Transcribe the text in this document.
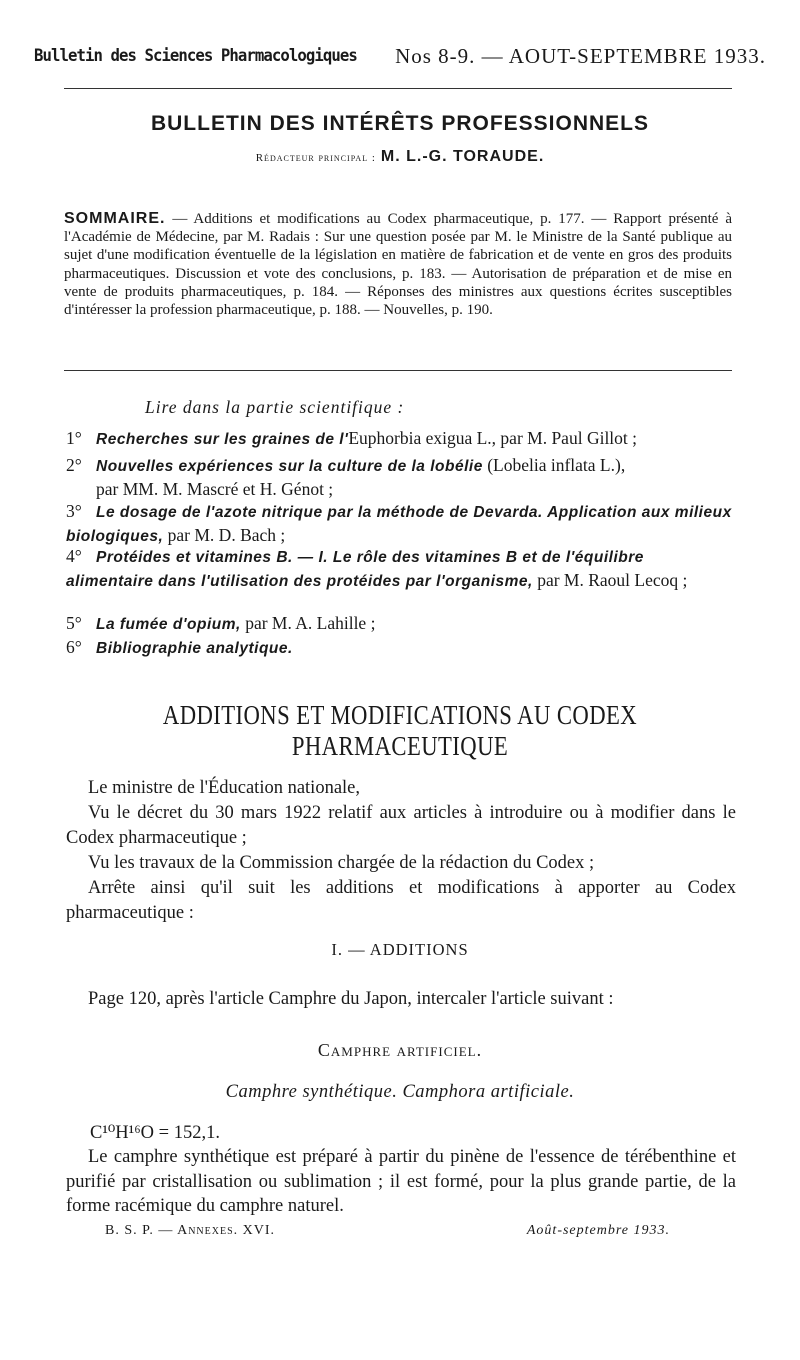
Bulletin des Sciences Pharmacologiques Nos 8-9. — AOUT-SEPTEMBRE 1933.
BULLETIN DES INTÉRÊTS PROFESSIONNELS
Rédacteur principal : M. L.-G. TORAUDE.
SOMMAIRE. — Additions et modifications au Codex pharmaceutique, p. 177. — Rapport présenté à l'Académie de Médecine, par M. Radais : Sur une question posée par M. le Ministre de la Santé publique au sujet d'une modification éventuelle de la législation en matière de fabrication et de vente en gros des produits pharmaceutiques. Discussion et vote des conclusions, p. 183. — Autorisation de préparation et de mise en vente de produits pharmaceutiques, p. 184. — Réponses des ministres aux questions écrites susceptibles d'intéresser la profession pharmaceutique, p. 188. — Nouvelles, p. 190.
Lire dans la partie scientifique :
1° Recherches sur les graines de l'Euphorbia exigua L., par M. Paul Gillot ;
2° Nouvelles expériences sur la culture de la lobélie (Lobelia inflata L.),
par MM. M. Mascré et H. Génot ;
3° Le dosage de l'azote nitrique par la méthode de Devarda. Application aux milieux biologiques, par M. D. Bach ;
4° Protéides et vitamines B. — I. Le rôle des vitamines B et de l'équilibre alimentaire dans l'utilisation des protéides par l'organisme, par M. Raoul Lecoq ;
5° La fumée d'opium, par M. A. Lahille ;
6° Bibliographie analytique.
ADDITIONS ET MODIFICATIONS AU CODEX PHARMACEUTIQUE
Le ministre de l'Éducation nationale,
Vu le décret du 30 mars 1922 relatif aux articles à introduire ou à modifier dans le Codex pharmaceutique ;
Vu les travaux de la Commission chargée de la rédaction du Codex ;
Arrête ainsi qu'il suit les additions et modifications à apporter au Codex pharmaceutique :
I. — ADDITIONS
Page 120, après l'article Camphre du Japon, intercaler l'article suivant :
Camphre artificiel.
Camphre synthétique. Camphora artificiale.
C¹⁰H¹⁶O = 152,1.
Le camphre synthétique est préparé à partir du pinène de l'essence de térébenthine et purifié par cristallisation ou sublimation ; il est formé, pour la plus grande partie, de la forme racémique du camphre naturel.
B. S. P. — Annexes. XVI.	Août-septembre 1933.
